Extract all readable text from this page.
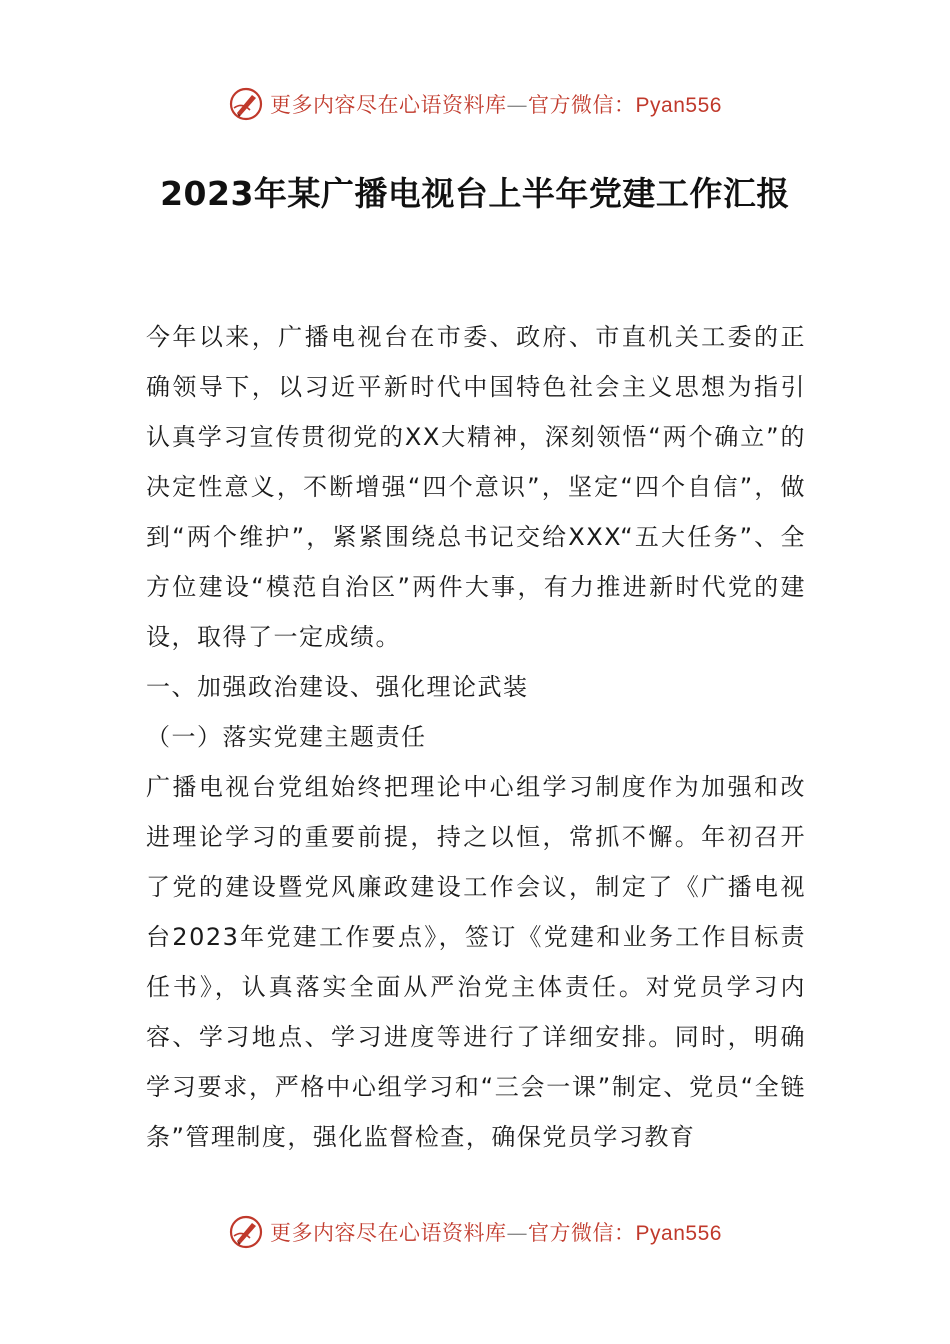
更多内容尽在心语资料库—官方微信：Pyan556
2023年某广播电视台上半年党建工作汇报

今年以来，广播电视台在市委、政府、市直机关工委的正确领导下，以习近平新时代中国特色社会主义思想为指引认真学习宣传贯彻党的XX大精神，深刻领悟“两个确立”的决定性意义，不断增强“四个意识”，坚定“四个自信”，做到“两个维护”，紧紧围绕总书记交给XXX“五大任务”、全方位建设“模范自治区”两件大事，有力推进新时代党的建设，取得了一定成绩。

一、加强政治建设、强化理论武装

（一）落实党建主题责任

广播电视台党组始终把理论中心组学习制度作为加强和改进理论学习的重要前提，持之以恒，常抓不懈。年初召开了党的建设暨党风廉政建设工作会议，制定了《广播电视台2023年党建工作要点》，签订《党建和业务工作目标责任书》，认真落实全面从严治党主体责任。对党员学习内容、学习地点、学习进度等进行了详细安排。同时，明确学习要求，严格中心组学习和“三会一课”制定、党员“全链条”管理制度，强化监督检查，确保党员学习教育

更多内容尽在心语资料库—官方微信：Pyan556
